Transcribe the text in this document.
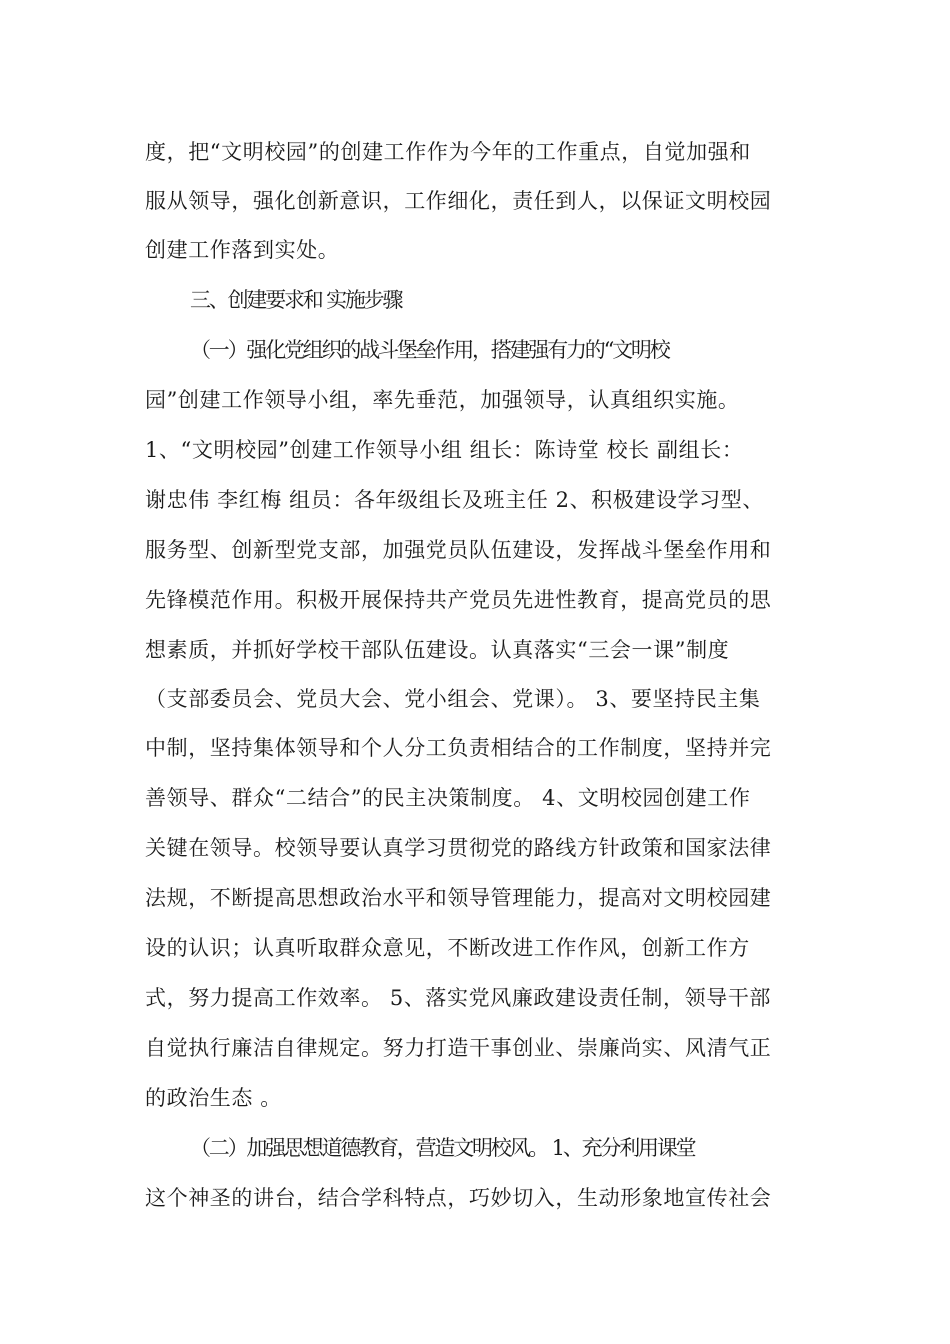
度，把“文明校园”的创建工作作为今年的工作重点，自觉加强和
服从领导，强化创新意识，工作细化，责任到人，以保证文明校园
创建工作落到实处。
三、创建要求和 实施步骤
（一）强化党组织的战斗堡垒作用，搭建强有力的“文明校
园”创建工作领导小组，率先垂范，加强领导，认真组织实施。
1、“文明校园”创建工作领导小组 组长：陈诗堂 校长 副组长：
谢忠伟 李红梅 组员：各年级组长及班主任 2、积极建设学习型、
服务型、创新型党支部，加强党员队伍建设，发挥战斗堡垒作用和
先锋模范作用。积极开展保持共产党员先进性教育，提高党员的思
想素质，并抓好学校干部队伍建设。认真落实“三会一课”制度
（支部委员会、党员大会、党小组会、党课）。 3、要坚持民主集
中制，坚持集体领导和个人分工负责相结合的工作制度，坚持并完
善领导、群众“二结合”的民主决策制度。 4、文明校园创建工作
关键在领导。校领导要认真学习贯彻党的路线方针政策和国家法律
法规，不断提高思想政治水平和领导管理能力，提高对文明校园建
设的认识；认真听取群众意见，不断改进工作作风，创新工作方
式，努力提高工作效率。 5、落实党风廉政建设责任制，领导干部
自觉执行廉洁自律规定。努力打造干事创业、崇廉尚实、风清气正
的政治生态 。
（二）加强思想道德教育，营造文明校风。 1、充分利用课堂
这个神圣的讲台，结合学科特点，巧妙切入，生动形象地宣传社会
